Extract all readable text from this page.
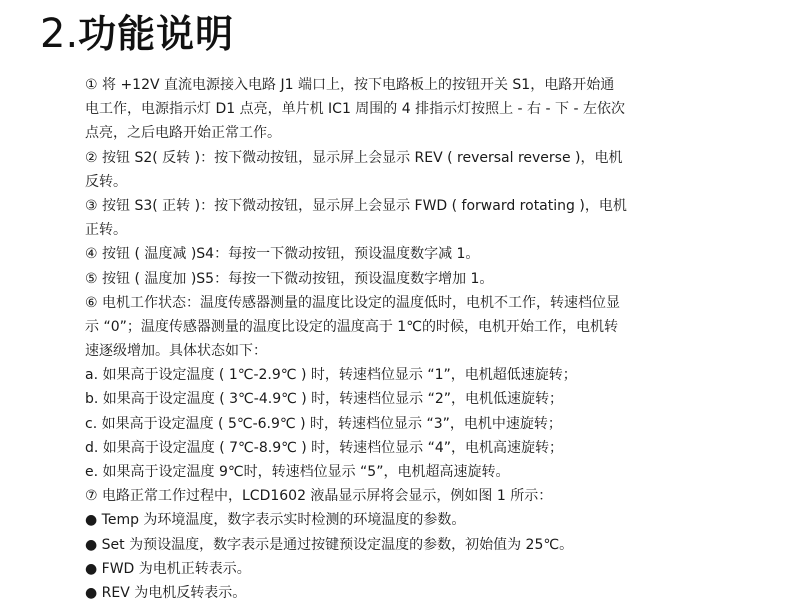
2.功能说明
① 将 +12V 直流电源接入电路 J1 端口上，按下电路板上的按钮开关 S1，电路开始通
电工作，电源指示灯 D1 点亮，单片机 IC1 周围的 4 排指示灯按照上 - 右 - 下 - 左依次
点亮，之后电路开始正常工作。
② 按钮 S2( 反转 )：按下微动按钮，显示屏上会显示 REV ( reversal reverse )，电机
反转。
③ 按钮 S3( 正转 )：按下微动按钮，显示屏上会显示 FWD ( forward rotating )，电机
正转。
④ 按钮 ( 温度减 )S4：每按一下微动按钮，预设温度数字减 1。
⑤ 按钮 ( 温度加 )S5：每按一下微动按钮，预设温度数字增加 1。
⑥ 电机工作状态：温度传感器测量的温度比设定的温度低时，电机不工作，转速档位显
示 “0”；温度传感器测量的温度比设定的温度高于 1℃的时候，电机开始工作，电机转
速逐级增加。具体状态如下：
a. 如果高于设定温度 ( 1℃-2.9℃ ) 时，转速档位显示 “1”，电机超低速旋转；
b. 如果高于设定温度 ( 3℃-4.9℃ ) 时，转速档位显示 “2”，电机低速旋转；
c. 如果高于设定温度 ( 5℃-6.9℃ ) 时，转速档位显示 “3”，电机中速旋转；
d. 如果高于设定温度 ( 7℃-8.9℃ ) 时，转速档位显示 “4”，电机高速旋转；
e. 如果高于设定温度 9℃时，转速档位显示 “5”，电机超高速旋转。
⑦ 电路正常工作过程中，LCD1602 液晶显示屏将会显示，例如图 1 所示：
● Temp 为环境温度，数字表示实时检测的环境温度的参数。
● Set 为预设温度，数字表示是通过按键预设定温度的参数，初始值为 25℃。
● FWD 为电机正转表示。
● REV 为电机反转表示。
